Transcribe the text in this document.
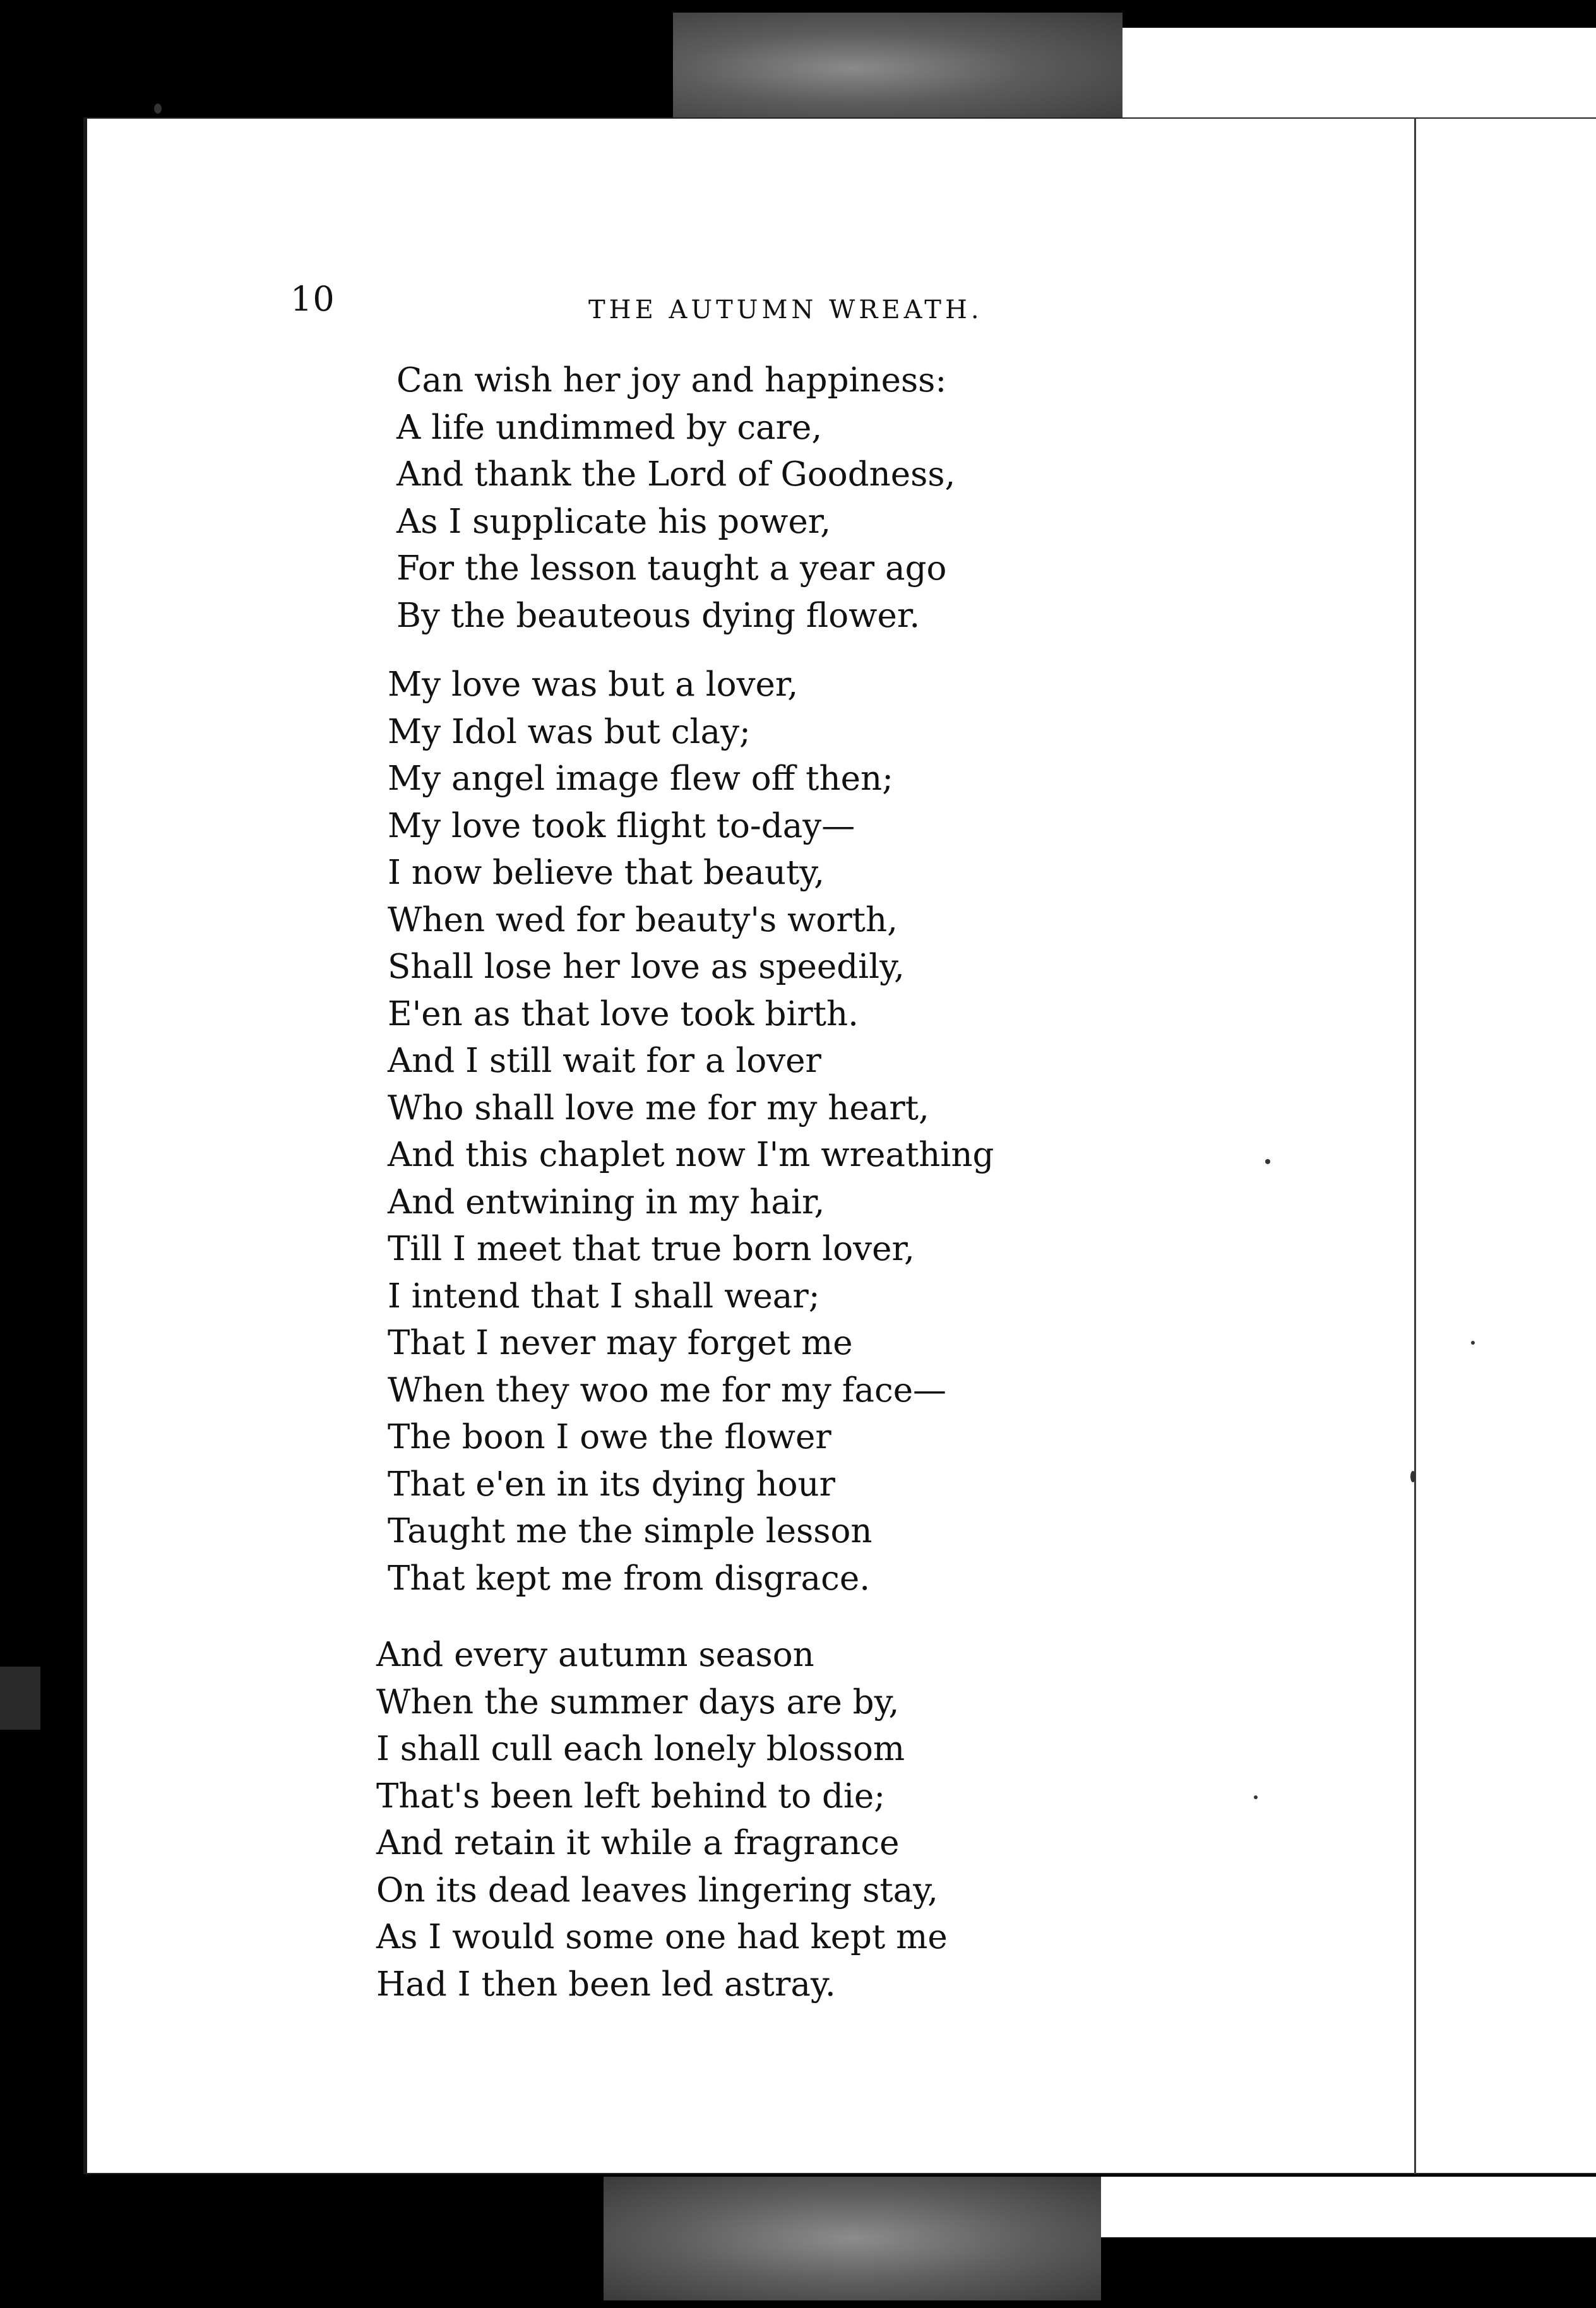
10	THE AUTUMN WREATH.
Can wish her joy and happiness:
A life undimmed by care,
And thank the Lord of Goodness,
As I supplicate his power,
For the lesson taught a year ago
By the beauteous dying flower.
My love was but a lover,
My Idol was but clay;
My angel image flew off then;
My love took flight to-day—
I now believe that beauty,
When wed for beauty's worth,
Shall lose her love as speedily,
E'en as that love took birth.
And I still wait for a lover
Who shall love me for my heart,
And this chaplet now I'm wreathing
And entwining in my hair,
Till I meet that true born lover,
I intend that I shall wear;
That I never may forget me
When they woo me for my face—
The boon I owe the flower
That e'en in its dying hour
Taught me the simple lesson
That kept me from disgrace.
And every autumn season
When the summer days are by,
I shall cull each lonely blossom
That's been left behind to die;
And retain it while a fragrance
On its dead leaves lingering stay,
As I would some one had kept me
Had I then been led astray.
